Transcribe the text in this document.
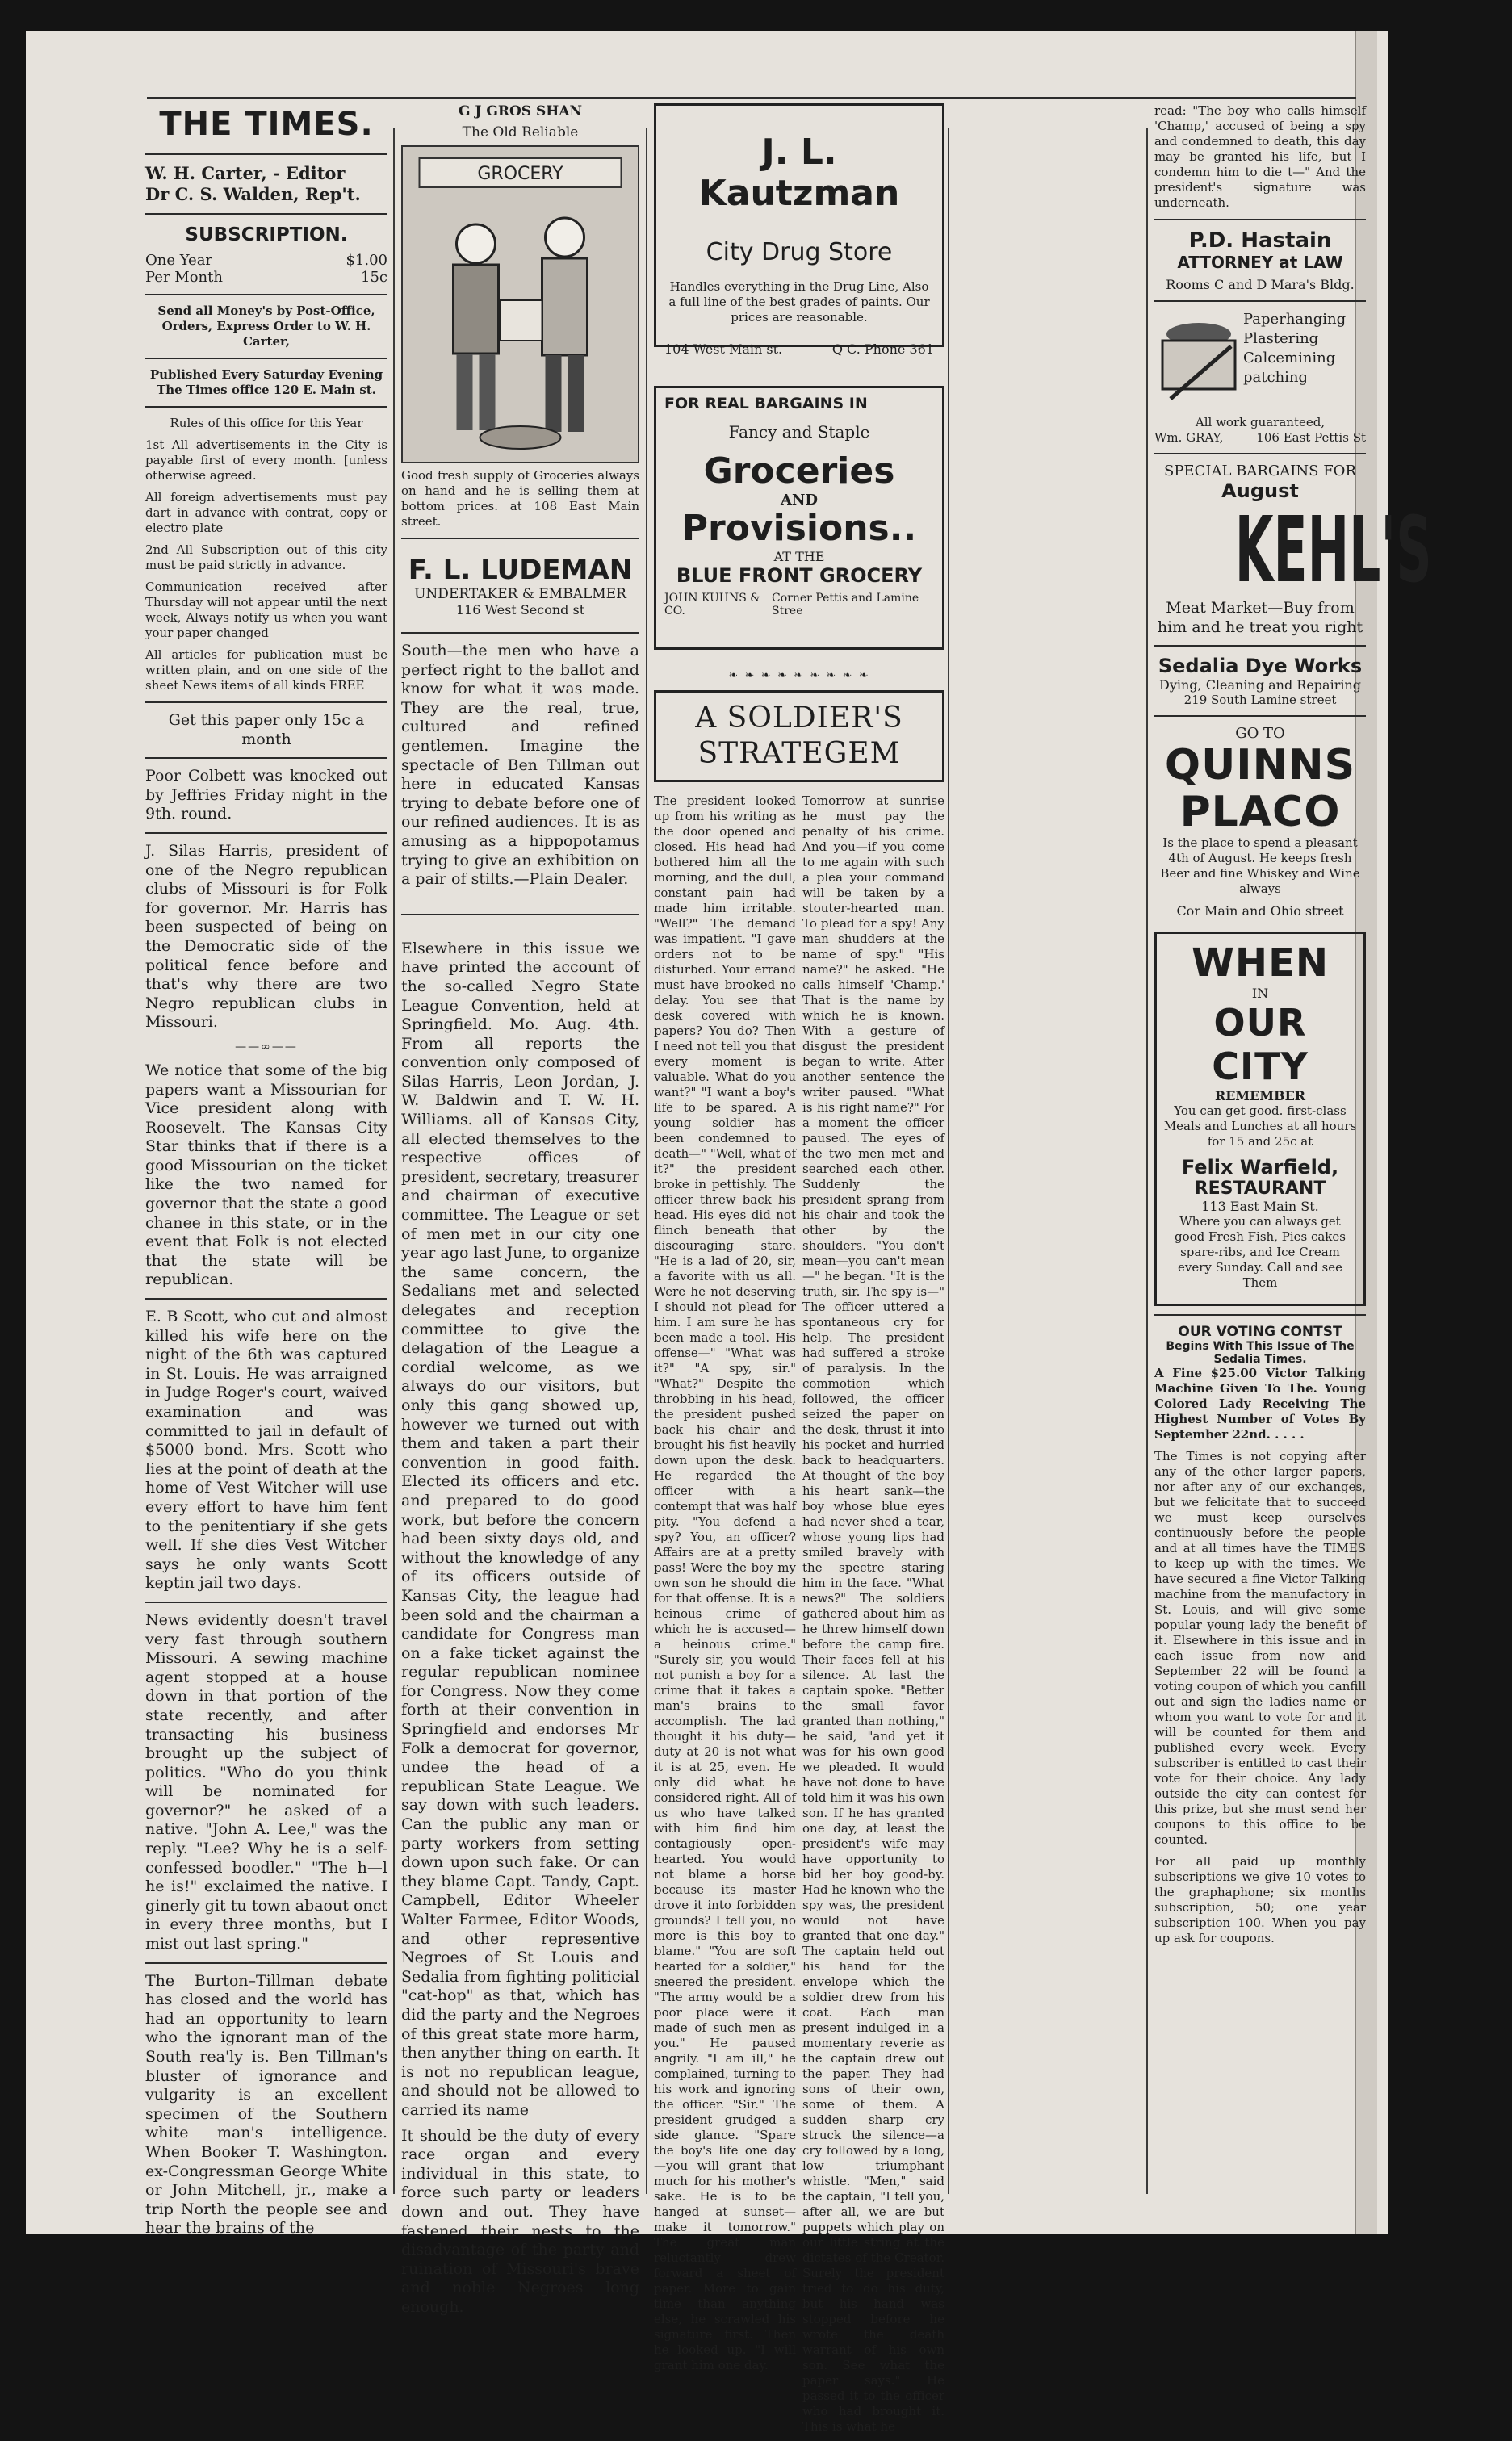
THE TIMES.
W. H. Carter, - Editor
Dr C. S. Walden, Rep't.
SUBSCRIPTION.
One Year	$1.00
Per Month	15c

Send all Money's by Post-Office, Orders, Express Order to W. H. Carter,

Published Every Saturday Evening The Times office 120 E. Main st.

Rules of this office for this Year

1st All advertisements in the City is payable first of every month. [unless otherwise agreed.

All foreign advertisements must pay dart in advance with contrat, copy or electro plate

2nd All Subscription out of this city must be paid strictly in advance.

Communication received after Thursday will not appear until the next week, Always notify us when you want your paper changed

All articles for publication must be written plain, and on one side of the sheet News items of all kinds FREE

Get this paper only 15c a month

Poor Colbett was knocked out by Jeffries Friday night in the 9th. round.

J. Silas Harris, president of one of the Negro republican clubs of Missouri is for Folk for governor. Mr. Harris has been suspected of being on the Democratic side of the political fence before and that's why there are two Negro republican clubs in Missouri.

——∞——

We notice that some of the big papers want a Missourian for Vice president along with Roosevelt. The Kansas City Star thinks that if there is a good Missourian on the ticket like the two named for governor that the state a good chanee in this state, or in the event that Folk is not elected that the state will be republican.

E. B Scott, who cut and almost killed his wife here on the night of the 6th was captured in St. Louis. He was arraigned in Judge Roger's court, waived examination and was committed to jail in default of $5000 bond. Mrs. Scott who lies at the point of death at the home of Vest Witcher will use every effort to have him fent to the penitentiary if she gets well. If she dies Vest Witcher says he only wants Scott keptin jail two days.

News evidently doesn't travel very fast through southern Missouri. A sewing machine agent stopped at a house down in that portion of the state recently, and after transacting his business brought up the subject of politics. "Who do you think will be nominated for governor?" he asked of a native. "John A. Lee," was the reply. "Lee? Why he is a self-confessed boodler." "The h—l he is!" exclaimed the native. I ginerly git tu town abaout onct in every three months, but I mist out last spring."

The Burton–Tillman debate has closed and the world has had an opportunity to learn who the ignorant man of the South rea'ly is. Ben Tillman's bluster of ignorance and vulgarity is an excellent specimen of the Southern white man's intelligence. When Booker T. Washington. ex-Congressman George White or John Mitchell, jr., make a trip North the people see and hear the brains of the

G J GROS SHAN
The Old Reliable
GROCERY

Good fresh supply of Groceries always on hand and he is selling them at bottom prices. at 108 East Main street.

F. L. LUDEMAN
UNDERTAKER & EMBALMER
116 West Second st

South—the men who have a perfect right to the ballot and know for what it was made. They are the real, true, cultured and refined gentlemen. Imagine the spectacle of Ben Tillman out here in educated Kansas trying to debate before one of our refined audiences. It is as amusing as a hippopotamus trying to give an exhibition on a pair of stilts.—Plain Dealer.

Elsewhere in this issue we have printed the account of the so-called Negro State League Convention, held at Springfield. Mo. Aug. 4th. From all reports the convention only composed of Silas Harris, Leon Jordan, J. W. Baldwin and T. W. H. Williams. all of Kansas City, all elected themselves to the respective offices of president, secretary, treasurer and chairman of executive committee. The League or set of men met in our city one year ago last June, to organize the same concern, the Sedalians met and selected delegates and reception committee to give the delagation of the League a cordial welcome, as we always do our visitors, but only this gang showed up, however we turned out with them and taken a part their convention in good faith. Elected its officers and etc. and prepared to do good work, but before the concern had been sixty days old, and without the knowledge of any of its officers outside of Kansas City, the league had been sold and the chairman a candidate for Congress man on a fake ticket against the regular republican nominee for Congress. Now they come forth at their convention in Springfield and endorses Mr Folk a democrat for governor, undee the head of a republican State League. We say down with such leaders. Can the public any man or party workers from setting down upon such fake. Or can they blame Capt. Tandy, Capt. Campbell, Editor Wheeler Walter Farmee, Editor Woods, and other representive Negroes of St Louis and Sedalia from fighting politicial "cat-hop" as that, which has did the party and the Negroes of this great state more harm, then anyther thing on earth. It is not no republican league, and should not be allowed to carried its name

It should be the duty of every race organ and every individual in this state, to force such party or leaders down and out. They have fastened their nests to the disadvantage of the party and ruination of Missouri's brave and noble Negroes long enough.

J. L. Kautzman
City Drug Store

Handles everything in the Drug Line, Also a full line of the best grades of paints. Our prices are reasonable.

104 West Main st.	Q C. Phone 361
FOR REAL BARGAINS IN
Fancy and Staple
Groceries
AND
Provisions..
AT THE
BLUE FRONT GROCERY
JOHN KUHNS & CO.
Corner Pettis and Lamine Stree
❧ ❧ ❧ ❧ ❧ ❧ ❧ ❧ ❧
A SOLDIER'S STRATEGEM

The president looked up from his writing as the door opened and closed. His head had bothered him all the morning, and the dull, constant pain had made him irritable. "Well?" The demand was impatient. "I gave orders not to be disturbed. Your errand must have brooked no delay. You see that desk covered with papers? You do? Then I need not tell you that every moment is valuable. What do you want?" "I want a boy's life to be spared. A young soldier has been condemned to death—" "Well, what of it?" the president broke in pettishly. The officer threw back his head. His eyes did not flinch beneath that discouraging stare. "He is a lad of 20, sir, a favorite with us all. Were he not deserving I should not plead for him. I am sure he has been made a tool. His offense—" "What was it?" "A spy, sir." "What?" Despite the throbbing in his head, the president pushed back his chair and brought his fist heavily down upon the desk. He regarded the officer with a contempt that was half pity. "You defend a spy? You, an officer? Affairs are at a pretty pass! Were the boy my own son he should die for that offense. It is a heinous crime of which he is accused—a heinous crime." "Surely sir, you would not punish a boy for a crime that it takes a man's brains to accomplish. The lad thought it his duty—duty at 20 is not what it is at 25, even. He only did what he considered right. All of us who have talked with him find him contagiously open-hearted. You would not blame a horse because its master drove it into forbidden grounds? I tell you, no more is this boy to blame." "You are soft hearted for a soldier," sneered the president. "The army would be a poor place were it made of such men as you." He paused angrily. "I am ill," he complained, turning to his work and ignoring the officer. "Sir." The president grudged a side glance. "Spare the boy's life one day—you will grant that much for his mother's sake. He is to be hanged at sunset—make it tomorrow." The great man reluctantly drew forward a sheet of paper. More to gain time than anything else, he scrawled his signature first. Then he looked up. "I will grant him one day.

Tomorrow at sunrise he must pay the penalty of his crime. And you—if you come to me again with such a plea your command will be taken by a stouter-hearted man. To plead for a spy! Any man shudders at the name of spy." "His name?" he asked. "He calls himself 'Champ.' That is the name by which he is known. With a gesture of disgust the president began to write. After another sentence the writer paused. "What is his right name?" For a moment the officer paused. The eyes of the two men met and searched each other. Suddenly the president sprang from his chair and took the other by the shoulders. "You don't mean—you can't mean—" he began. "It is the truth, sir. The spy is—" The officer uttered a spontaneous cry for help. The president had suffered a stroke of paralysis. In the commotion which followed, the officer seized the paper on the desk, thrust it into his pocket and hurried back to headquarters. At thought of the boy his heart sank—the boy whose blue eyes had never shed a tear, whose young lips had smiled bravely with the spectre staring him in the face. "What news?" The soldiers gathered about him as he threw himself down before the camp fire. Their faces fell at his silence. At last the captain spoke. "Better the small favor granted than nothing," he said, "and yet it was for his own good we pleaded. It would have not done to have told him it was his own son. If he has granted one day, at least the president's wife may have opportunity to bid her boy good-by. Had he known who the spy was, the president would not have granted that one day." The captain held out his hand for the envelope which the soldier drew from his coat. Each man present indulged in a momentary reverie as the captain drew out the paper. They had sons of their own, some of them. A sudden sharp cry struck the silence—a cry followed by a long, low triumphant whistle. "Men," said the captain, "I tell you, after all, we are but puppets which play on our little string at the dictates of the Creator. Surely the president tried to do his duty, but his hand was stopped before he wrote the death warrant of his own son. See what the paper says." He passed it to the officer who had brought it. This is what he

read: "The boy who calls himself 'Champ,' accused of being a spy and condemned to death, this day may be granted his life, but I condemn him to die t—" And the president's signature was underneath.

P.D. Hastain
ATTORNEY at LAW
Rooms C and D Mara's Bldg.
Paperhanging
Plastering
Calcemining
patching
All work guaranteed,
Wm. GRAY,	106 East Pettis St
SPECIAL BARGAINS FOR
August
KEHL'S

Meat Market—Buy from him and he treat you right

Sedalia Dye Works
Dying, Cleaning and Repairing
219 South Lamine street
GO TO
QUINNS
PLACO

Is the place to spend a pleasant 4th of August. He keeps fresh Beer and fine Whiskey and Wine always

Cor Main and Ohio street
WHEN
IN
OUR CITY
REMEMBER

You can get good. first-class Meals and Lunches at all hours for 15 and 25c at

Felix Warfield,
RESTAURANT
113 East Main St.

Where you can always get good Fresh Fish, Pies cakes spare-ribs, and Ice Cream every Sunday. Call and see Them

OUR VOTING CONTST
Begins With This Issue of The Sedalia Times.

A Fine $25.00 Victor Talking Machine Given To The. Young Colored Lady Receiving The Highest Number of Votes By September 22nd. . . . .

The Times is not copying after any of the other larger papers, nor after any of our exchanges, but we felicitate that to succeed we must keep ourselves continuously before the people and at all times have the TIMES to keep up with the times. We have secured a fine Victor Talking machine from the manufactory in St. Louis, and will give some popular young lady the benefit of it. Elsewhere in this issue and in each issue from now and September 22 will be found a voting coupon of which you canfill out and sign the ladies name or whom you want to vote for and it will be counted for them and published every week. Every subscriber is entitled to cast their vote for their choice. Any lady outside the city can contest for this prize, but she must send her coupons to this office to be counted.

For all paid up monthly subscriptions we give 10 votes to the graphaphone; six months subscription, 50; one year subscription 100. When you pay up ask for coupons.
